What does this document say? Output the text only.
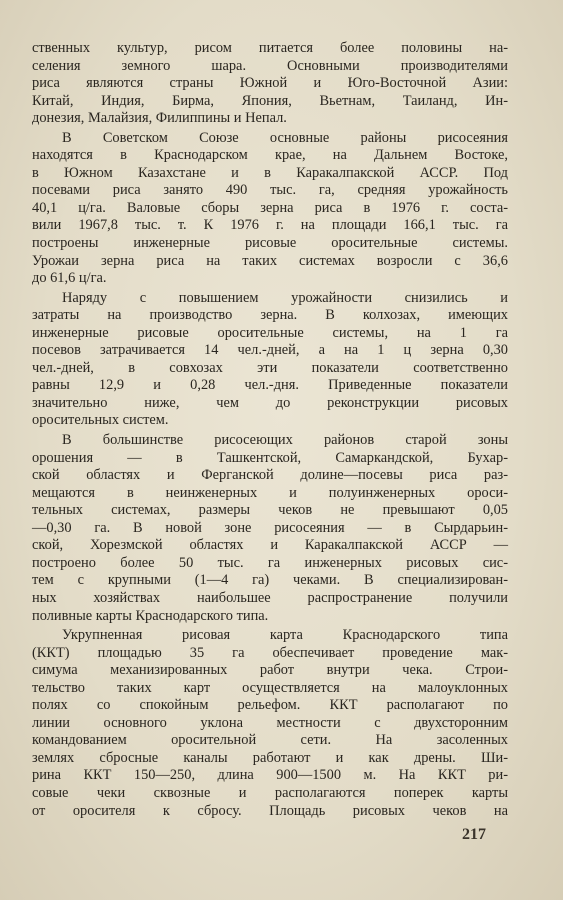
ственных культур, рисом питается более половины на-
селения земного шара. Основными производителями
риса являются страны Южной и Юго-Восточной Азии:
Китай, Индия, Бирма, Япония, Вьетнам, Таиланд, Ин-
донезия, Малайзия, Филиппины и Непал.
В Советском Союзе основные районы рисосеяния
находятся в Краснодарском крае, на Дальнем Востоке,
в Южном Казахстане и в Каракалпакской АССР. Под
посевами риса занято 490 тыс. га, средняя урожайность
40,1 ц/га. Валовые сборы зерна риса в 1976 г. соста-
вили 1967,8 тыс. т. К 1976 г. на площади 166,1 тыс. га
построены инженерные рисовые оросительные системы.
Урожаи зерна риса на таких системах возросли с 36,6
до 61,6 ц/га.
Наряду с повышением урожайности снизились и
затраты на производство зерна. В колхозах, имеющих
инженерные рисовые оросительные системы, на 1 га
посевов затрачивается 14 чел.-дней, а на 1 ц зерна 0,30
чел.-дней, в совхозах эти показатели соответственно
равны 12,9 и 0,28 чел.-дня. Приведенные показатели
значительно ниже, чем до реконструкции рисовых
оросительных систем.
В большинстве рисосеющих районов старой зоны
орошения — в Ташкентской, Самаркандской, Бухар-
ской областях и Ферганской долине—посевы риса раз-
мещаются в неинженерных и полуинженерных ороси-
тельных системах, размеры чеков не превышают 0,05
—0,30 га. В новой зоне рисосеяния — в Сырдарьин-
ской, Хорезмской областях и Каракалпакской АССР —
построено более 50 тыс. га инженерных рисовых сис-
тем с крупными (1—4 га) чеками. В специализирован-
ных хозяйствах наибольшее распространение получили
поливные карты Краснодарского типа.
Укрупненная рисовая карта Краснодарского типа
(ККТ) площадью 35 га обеспечивает проведение мак-
симума механизированных работ внутри чека. Строи-
тельство таких карт осуществляется на малоуклонных
полях со спокойным рельефом. ККТ располагают по
линии основного уклона местности с двухсторонним
командованием оросительной сети. На засоленных
землях сбросные каналы работают и как дрены. Ши-
рина ККТ 150—250, длина 900—1500 м. На ККТ ри-
совые чеки сквозные и располагаются поперек карты
от оросителя к сбросу. Площадь рисовых чеков на
217
